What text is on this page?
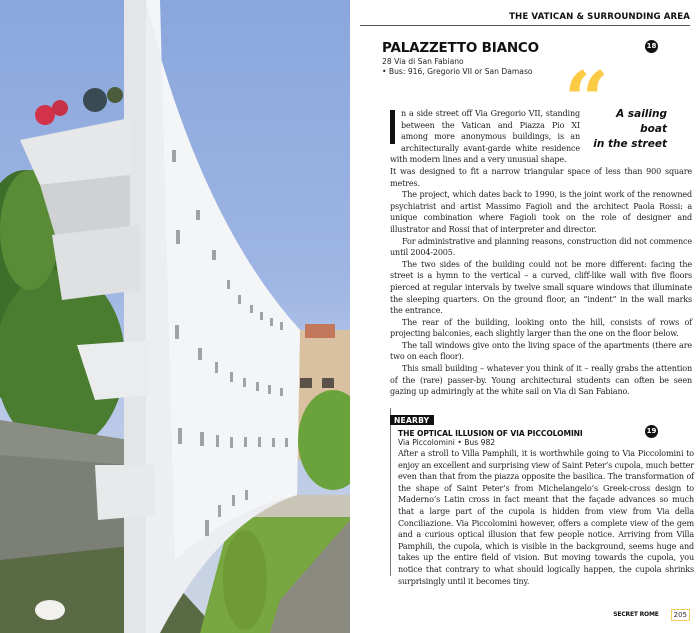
THE VATICAN & SURROUNDING AREA
PALAZZETTO BIANCO	18
28 Via di San Fabiano
• Bus: 916, Gregorio VII or San Damaso “	A sailing
boat
in the street

n a side street off Via Gregorio VII, standing between the Vatican and Piazza Pio XI among more anonymous buildings, is an architecturally avant-garde white residence with modern lines and a very unusual shape.

It was designed to fit a narrow triangular space of less than 900 square metres.

The project, which dates back to 1990, is the joint work of the renowned psychiatrist and artist Massimo Fagioli and the architect Paola Rossi: a unique combination where Fagioli took on the role of designer and illustrator and Rossi that of interpreter and director.

For administrative and planning reasons, construction did not commence until 2004-2005.

The two sides of the building could not be more different: facing the street is a hymn to the vertical – a curved, cliff-like wall with five floors pierced at regular intervals by twelve small square windows that illuminate the sleeping quarters. On the ground floor, an “indent” in the wall marks the entrance.

The rear of the building, looking onto the hill, consists of rows of projecting balconies, each slightly larger than the one on the floor below.

The tall windows give onto the living space of the apartments (there are two on each floor).

This small building – whatever you think of it – really grabs the attention of the (rare) passer-by. Young architectural students can often be seen gazing up admiringly at the white sail on Via di San Fabiano.

NEARBY
THE OPTICAL ILLUSION OF VIA PICCOLOMINI
Via Piccolomini • Bus 982

After a stroll to Villa Pamphili, it is worthwhile going to Via Piccolomini to enjoy an excellent and surprising view of Saint Peter’s cupola, much better even than that from the piazza opposite the basilica. The transformation of the shape of Saint Peter’s from Michelangelo’s Greek-cross design to Maderno’s Latin cross in fact meant that the façade advances so much that a large part of the cupola is hidden from view from Via della Conciliazione. Via Piccolomini however, offers a complete view of the gem and a curious optical illusion that few people notice. Arriving from Villa Pamphili, the cupola, which is visible in the background, seems huge and takes up the entire field of vision. But moving towards the cupola, you notice that contrary to what should logically happen, the cupola shrinks surprisingly until it becomes tiny.

19
SECRET ROME	205
